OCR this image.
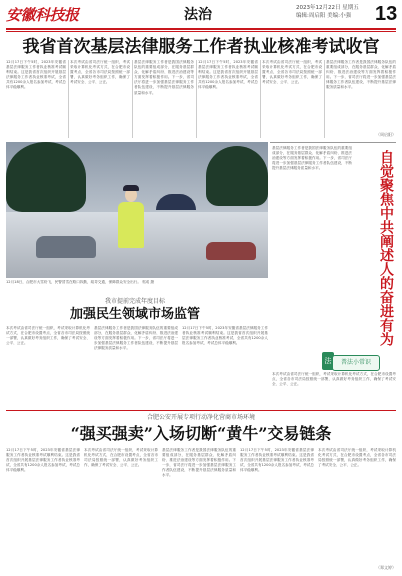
安徽科技报	法治	2023年12月22日 星期五
编辑:周启阳 美编:小强 13
我省首次基层法律服务工作者执业核准考试收官
12月17日下午5时，2023年安徽省基层法律服务工作者执业核准考试顺利结束。这是我省首次组织开展基层法律服务工作者执业核准考试，全省共有1200余人报名参加考试，考试总体平稳顺利。
本次考试由省司法厅统一组织，考试采取计算机化考试方式，在合肥市设置考点，全省各市司法局按照统一部署，认真做好考务组织工作，确保了考试安全、公平、公正。
基层法律服务工作者是我国法律服务队伍的重要组成部分，在服务基层群众、化解矛盾纠纷、推进法治建设等方面发挥着积极作用。下一步，省司法厅将进一步加强基层法律服务工作者队伍建设，不断提升基层法律服务质量和水平。
12月17日下午5时，2023年安徽省基层法律服务工作者执业核准考试顺利结束。这是我省首次组织开展基层法律服务工作者执业核准考试，全省共有1200余人报名参加考试，考试总体平稳顺利。
本次考试由省司法厅统一组织，考试采取计算机化考试方式，在合肥市设置考点，全省各市司法局按照统一部署，认真做好考务组织工作，确保了考试安全、公平、公正。
基层法律服务工作者是我国法律服务队伍的重要组成部分，在服务基层群众、化解矛盾纠纷、推进法治建设等方面发挥着积极作用。下一步，省司法厅将进一步加强基层法律服务工作者队伍建设，不断提升基层法律服务质量和水平。
（周启阳）
12月18日，合肥市大雪纷飞，民警冒雪在路口执勤，疏导交通，保障群众安全出行。 郭成 摄
我市提前完成年度目标
加强民生领域市场监管
本次考试由省司法厅统一组织，考试采取计算机化考试方式，在合肥市设置考点，全省各市司法局按照统一部署，认真做好考务组织工作，确保了考试安全、公平、公正。
基层法律服务工作者是我国法律服务队伍的重要组成部分，在服务基层群众、化解矛盾纠纷、推进法治建设等方面发挥着积极作用。下一步，省司法厅将进一步加强基层法律服务工作者队伍建设，不断提升基层法律服务质量和水平。
12月17日下午5时，2023年安徽省基层法律服务工作者执业核准考试顺利结束。这是我省首次组织开展基层法律服务工作者执业核准考试，全省共有1200余人报名参加考试，考试总体平稳顺利。
基层法律服务工作者是我国法律服务队伍的重要组成部分，在服务基层群众、化解矛盾纠纷、推进法治建设等方面发挥着积极作用。下一步，省司法厅将进一步加强基层法律服务工作者队伍建设，不断提升基层法律服务质量和水平。	自觉聚焦中共阐述人的奋进有为
法	普法小常识
本次考试由省司法厅统一组织，考试采取计算机化考试方式，在合肥市设置考点，全省各市司法局按照统一部署，认真做好考务组织工作，确保了考试安全、公平、公正。
合肥公安开展专项行动净化营商市场环境
“强买强卖”入场切断“黄牛”交易链条
12月17日下午5时，2023年安徽省基层法律服务工作者执业核准考试顺利结束。这是我省首次组织开展基层法律服务工作者执业核准考试，全省共有1200余人报名参加考试，考试总体平稳顺利。
本次考试由省司法厅统一组织，考试采取计算机化考试方式，在合肥市设置考点，全省各市司法局按照统一部署，认真做好考务组织工作，确保了考试安全、公平、公正。
基层法律服务工作者是我国法律服务队伍的重要组成部分，在服务基层群众、化解矛盾纠纷、推进法治建设等方面发挥着积极作用。下一步，省司法厅将进一步加强基层法律服务工作者队伍建设，不断提升基层法律服务质量和水平。
12月17日下午5时，2023年安徽省基层法律服务工作者执业核准考试顺利结束。这是我省首次组织开展基层法律服务工作者执业核准考试，全省共有1200余人报名参加考试，考试总体平稳顺利。
本次考试由省司法厅统一组织，考试采取计算机化考试方式，在合肥市设置考点，全省各市司法局按照统一部署，认真做好考务组织工作，确保了考试安全、公平、公正。
（郑文婷）
